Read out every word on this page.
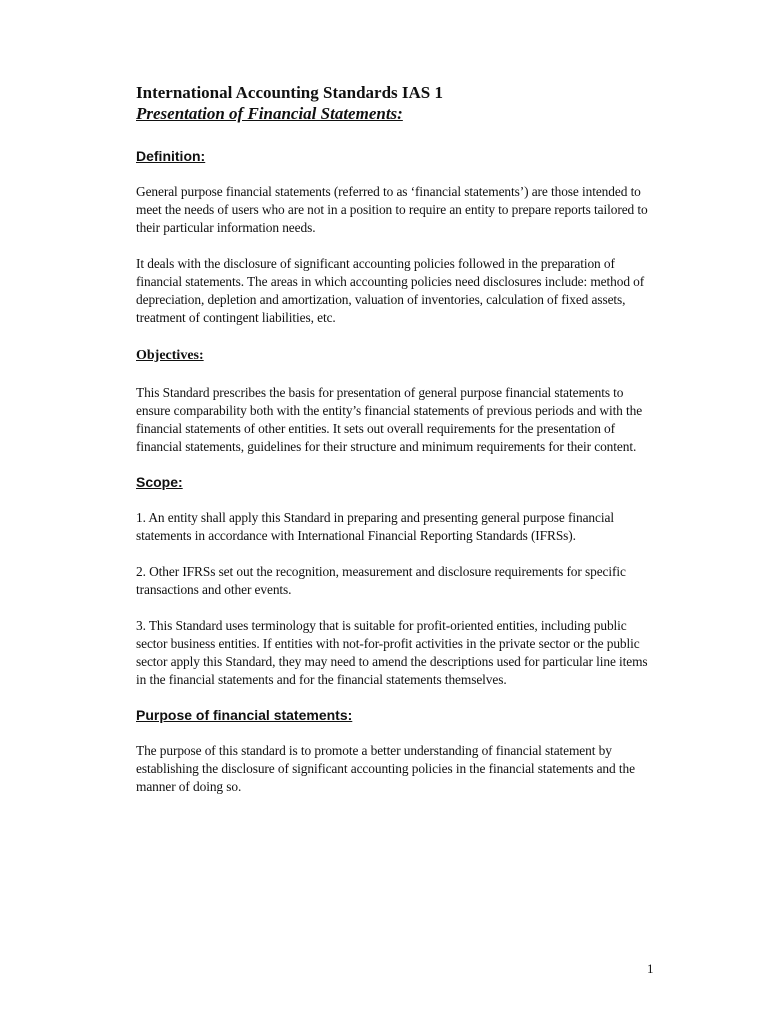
International Accounting Standards IAS 1

Presentation of Financial Statements:

Definition:

General purpose financial statements (referred to as ‘financial statements’) are those intended to meet the needs of users who are not in a position to require an entity to prepare reports tailored to their particular information needs.

It deals with the disclosure of significant accounting policies followed in the preparation of financial statements. The areas in which accounting policies need disclosures include: method of depreciation, depletion and amortization, valuation of inventories, calculation of fixed assets, treatment of contingent liabilities, etc.

Objectives:

This Standard prescribes the basis for presentation of general purpose financial statements to ensure comparability both with the entity’s financial statements of previous periods and with the financial statements of other entities. It sets out overall requirements for the presentation of financial statements, guidelines for their structure and minimum requirements for their content.

Scope:

1. An entity shall apply this Standard in preparing and presenting general purpose financial statements in accordance with International Financial Reporting Standards (IFRSs).

2. Other IFRSs set out the recognition, measurement and disclosure requirements for specific transactions and other events.

3. This Standard uses terminology that is suitable for profit-oriented entities, including public sector business entities. If entities with not-for-profit activities in the private sector or the public sector apply this Standard, they may need to amend the descriptions used for particular line items in the financial statements and for the financial statements themselves.

Purpose of financial statements:

The purpose of this standard is to promote a better understanding of financial statement by establishing the disclosure of significant accounting policies in the financial statements and the manner of doing so.

1
